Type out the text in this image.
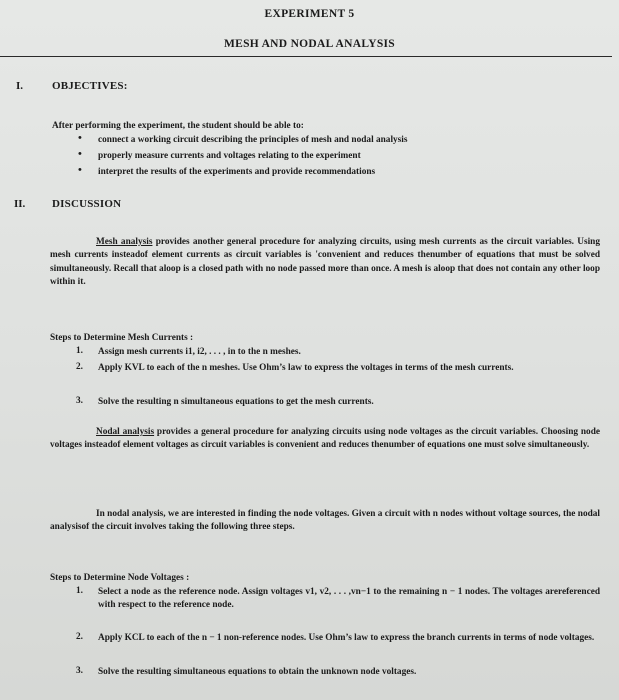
EXPERIMENT 5
MESH AND NODAL ANALYSIS
I.	OBJECTIVES:
After performing the experiment, the student should be able to:
• connect a working circuit describing the principles of mesh and nodal analysis
• properly measure currents and voltages relating to the experiment
• interpret the results of the experiments and provide recommendations
II. DISCUSSION
Mesh analysis provides another general procedure for analyzing circuits, using mesh currents as the circuit variables. Using mesh currents insteadof element currents as circuit variables is 'convenient and reduces thenumber of equations that must be solved simultaneously. Recall that aloop is a closed path with no node passed more than once. A mesh is aloop that does not contain any other loop within it.
Steps to Determine Mesh Currents :
1. Assign mesh currents i1, i2, . . . , in to the n meshes.
2. Apply KVL to each of the n meshes. Use Ohm’s law to express the voltages in terms of the mesh currents.
3. Solve the resulting n simultaneous equations to get the mesh currents.
Nodal analysis provides a general procedure for analyzing circuits using node voltages as the circuit variables. Choosing node voltages insteadof element voltages as circuit variables is convenient and reduces thenumber of equations one must solve simultaneously.
In nodal analysis, we are interested in finding the node voltages. Given a circuit with n nodes without voltage sources, the nodal analysisof the circuit involves taking the following three steps.
Steps to Determine Node Voltages :
1. Select a node as the reference node. Assign voltages v1, v2, . . . ,vn−1 to the remaining n − 1 nodes. The voltages arereferenced with respect to the reference node.
2. Apply KCL to each of the n − 1 non-reference nodes. Use Ohm’s law to express the branch currents in terms of node voltages.
3. Solve the resulting simultaneous equations to obtain the unknown node voltages.
